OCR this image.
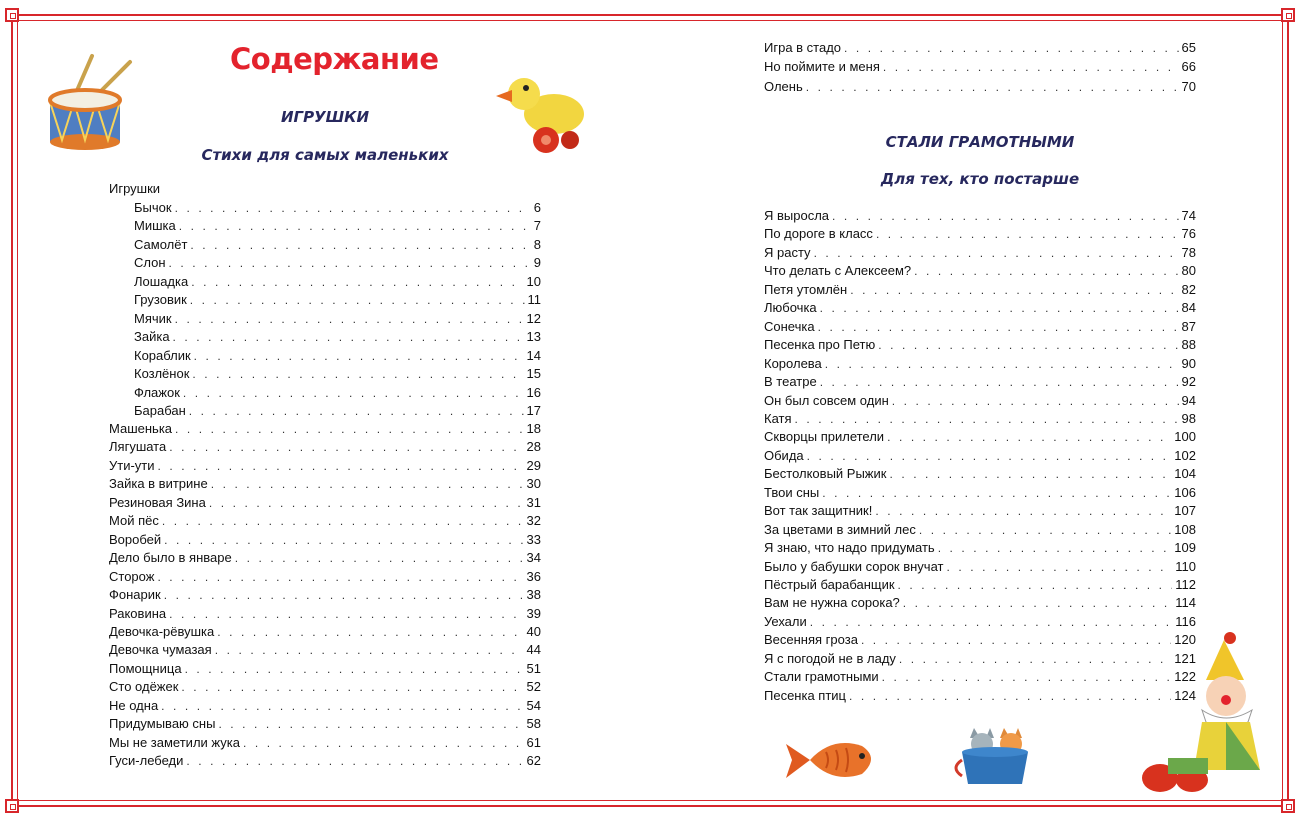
Содержание
ИГРУШКИ
Стихи для самых маленьких
Игрушки
Бычок . . .	6
Мишка . . .	7
Самолёт . . .	8
Слон . . .	9
Лошадка . . .	10
Грузовик . . .	11
Мячик . . .	12
Зайка . . .	13
Кораблик . . .	14
Козлёнок . . .	15
Флажок . . .	16
Барабан . . .	17
Машенька . . .	18
Лягушата . . .	28
Ути-ути . . .	29
Зайка в витрине . . .	30
Резиновая Зина . . .	31
Мой пёс . . .	32
Воробей . . .	33
Дело было в январе . . .	34
Сторож . . .	36
Фонарик . . .	38
Раковина . . .	39
Девочка-рёвушка . . .	40
Девочка чумазая . . .	44
Помощница . . .	51
Сто одёжек . . .	52
Не одна . . .	54
Придумываю сны . . .	58
Мы не заметили жука . . .	61
Гуси-лебеди . . .	62
Игра в стадо . . .	65
Но поймите и меня . . .	66
Олень . . .	70
СТАЛИ ГРАМОТНЫМИ
Для тех, кто постарше
Я выросла . . .	74
По дороге в класс . . .	76
Я расту . . .	78
Что делать с Алексеем? . . .	80
Петя утомлён . . .	82
Любочка . . .	84
Сонечка . . .	87
Песенка про Петю . . .	88
Королева . . .	90
В театре . . .	92
Он был совсем один . . .	94
Катя . . .	98
Скворцы прилетели . . .	100
Обида . . .	102
Бестолковый Рыжик . . .	104
Твои сны . . .	106
Вот так защитник! . . .	107
За цветами в зимний лес . . .	108
Я знаю, что надо придумать . . .	109
Было у бабушки сорок внучат . . .	110
Пёстрый барабанщик . . .	112
Вам не нужна сорока? . . .	114
Уехали . . .	116
Весенняя гроза . . .	120
Я с погодой не в ладу . . .	121
Стали грамотными . . .	122
Песенка птиц . . .	124
